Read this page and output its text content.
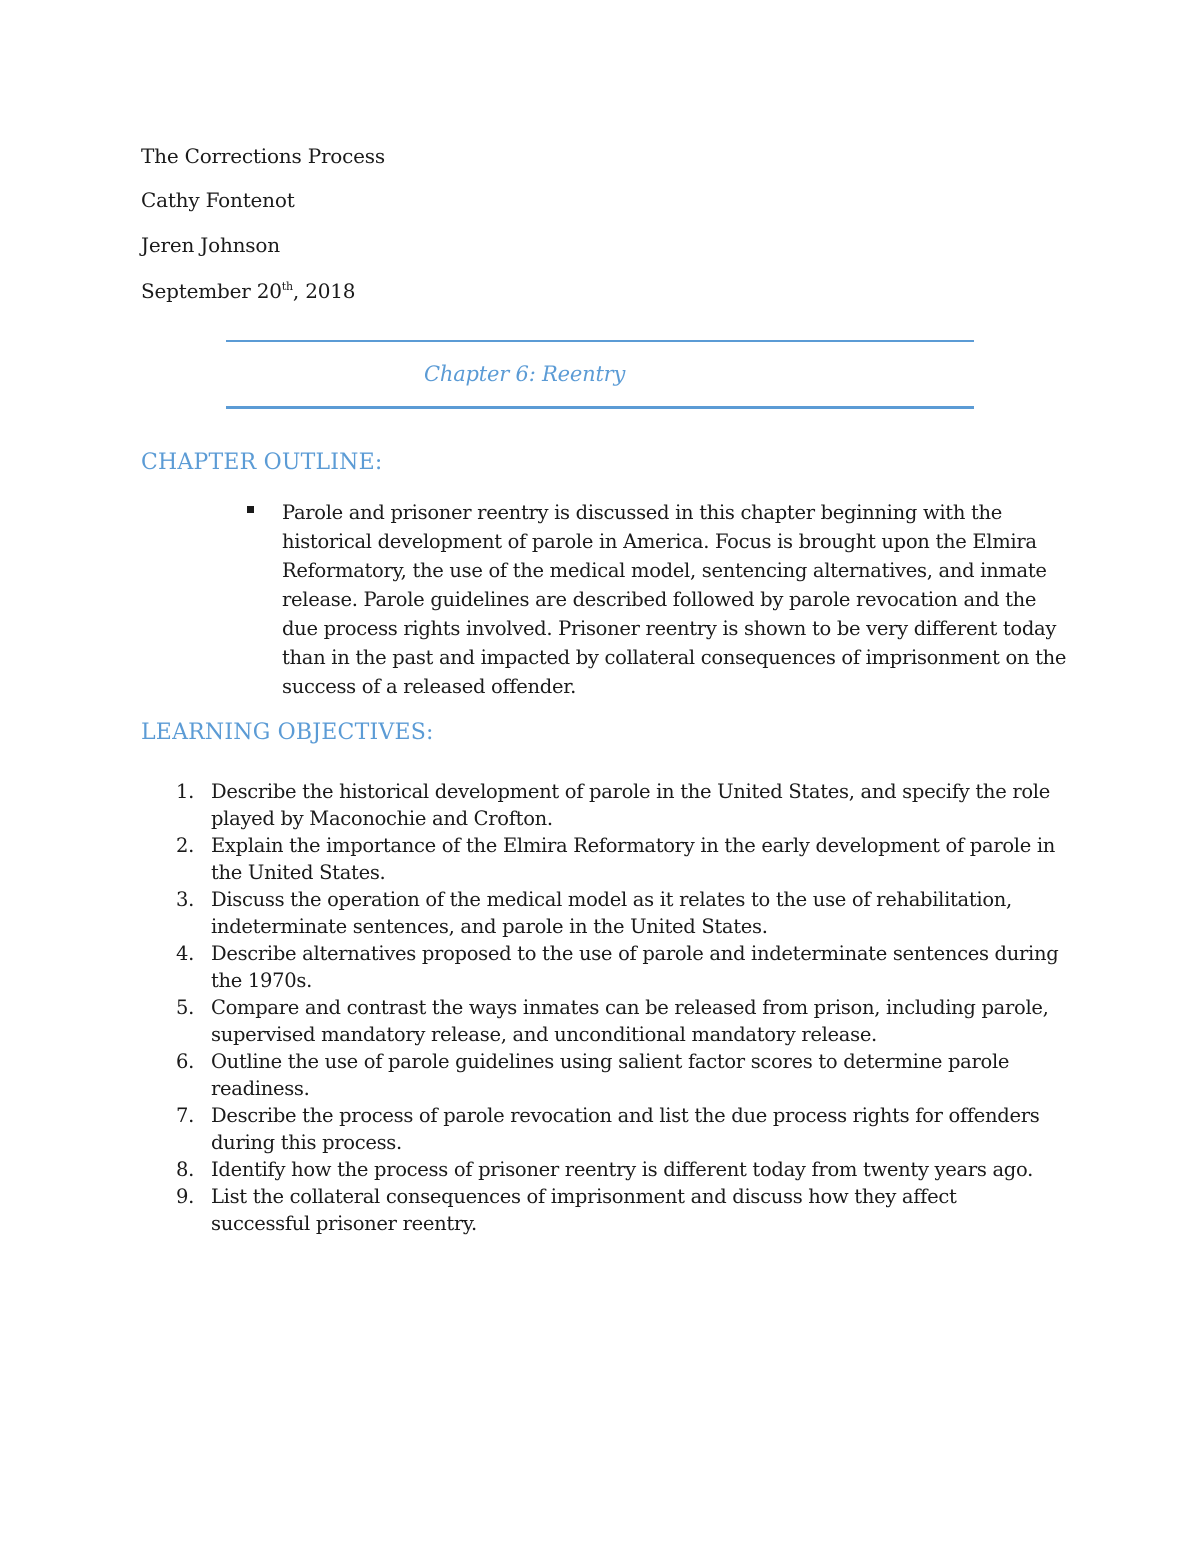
The Corrections Process

Cathy Fontenot

Jeren Johnson

September 20th, 2018

Chapter 6: Reentry

CHAPTER OUTLINE:

Parole and prisoner reentry is discussed in this chapter beginning with the historical development of parole in America. Focus is brought upon the Elmira Reformatory, the use of the medical model, sentencing alternatives, and inmate release. Parole guidelines are described followed by parole revocation and the due process rights involved. Prisoner reentry is shown to be very different today than in the past and impacted by collateral consequences of imprisonment on the success of a released offender.

LEARNING OBJECTIVES:
1. Describe the historical development of parole in the United States, and specify the role played by Maconochie and Crofton.
2. Explain the importance of the Elmira Reformatory in the early development of parole in the United States.
3. Discuss the operation of the medical model as it relates to the use of rehabilitation, indeterminate sentences, and parole in the United States.
4. Describe alternatives proposed to the use of parole and indeterminate sentences during the 1970s.
5. Compare and contrast the ways inmates can be released from prison, including parole, supervised mandatory release, and unconditional mandatory release.
6. Outline the use of parole guidelines using salient factor scores to determine parole readiness.
7. Describe the process of parole revocation and list the due process rights for offenders during this process.
8. Identify how the process of prisoner reentry is different today from twenty years ago.
9. List the collateral consequences of imprisonment and discuss how they affect successful prisoner reentry.
